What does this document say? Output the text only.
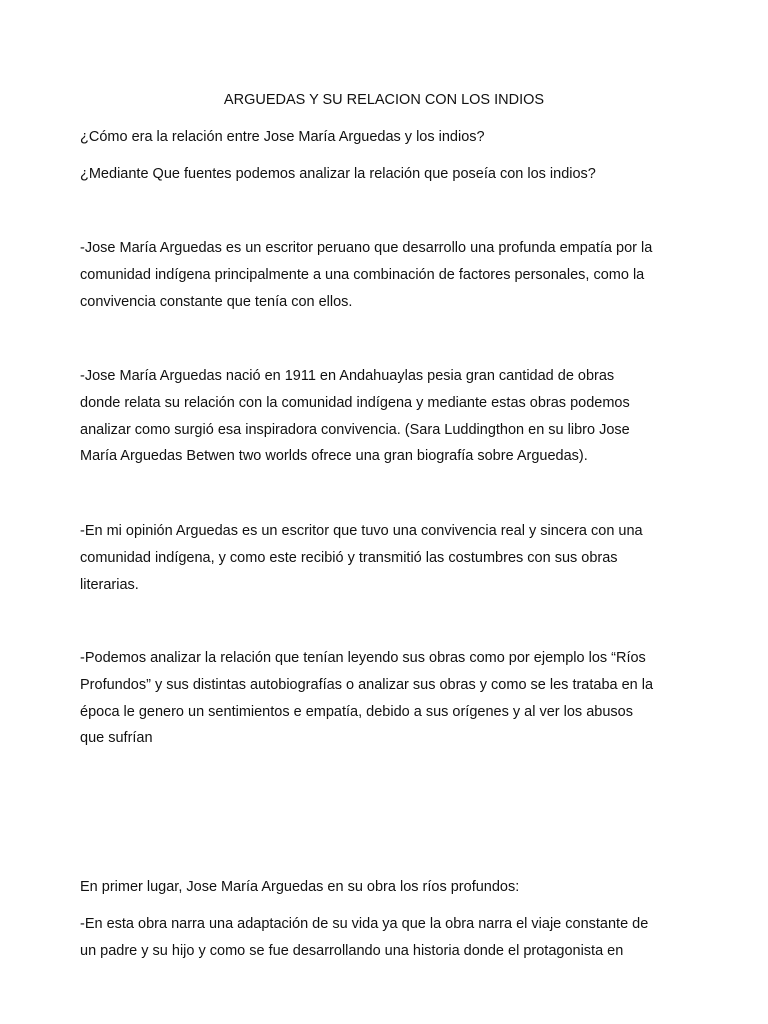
ARGUEDAS Y SU RELACION CON LOS INDIOS

¿Cómo era la relación entre Jose María Arguedas y los indios?

¿Mediante Que fuentes podemos analizar la relación que poseía con los indios?

-Jose María Arguedas es un escritor peruano que desarrollo una profunda empatía por la
comunidad indígena principalmente a una combinación de factores personales, como la
convivencia constante que tenía con ellos.
-Jose María Arguedas nació en 1911 en Andahuaylas pesia gran cantidad de obras
donde relata su relación con la comunidad indígena y mediante estas obras podemos
analizar como surgió esa inspiradora convivencia. (Sara Luddingthon en su libro Jose
María Arguedas Betwen two worlds ofrece una gran biografía sobre Arguedas).
-En mi opinión Arguedas es un escritor que tuvo una convivencia real y sincera con una
comunidad indígena, y como este recibió y transmitió las costumbres con sus obras
literarias.
-Podemos analizar la relación que tenían leyendo sus obras como por ejemplo los “Ríos
Profundos” y sus distintas autobiografías o analizar sus obras y como se les trataba en la
época le genero un sentimientos e empatía, debido a sus orígenes y al ver los abusos
que sufrían

En primer lugar, Jose María Arguedas en su obra los ríos profundos:

-En esta obra narra una adaptación de su vida ya que la obra narra el viaje constante de
un padre y su hijo y como se fue desarrollando una historia donde el protagonista en
